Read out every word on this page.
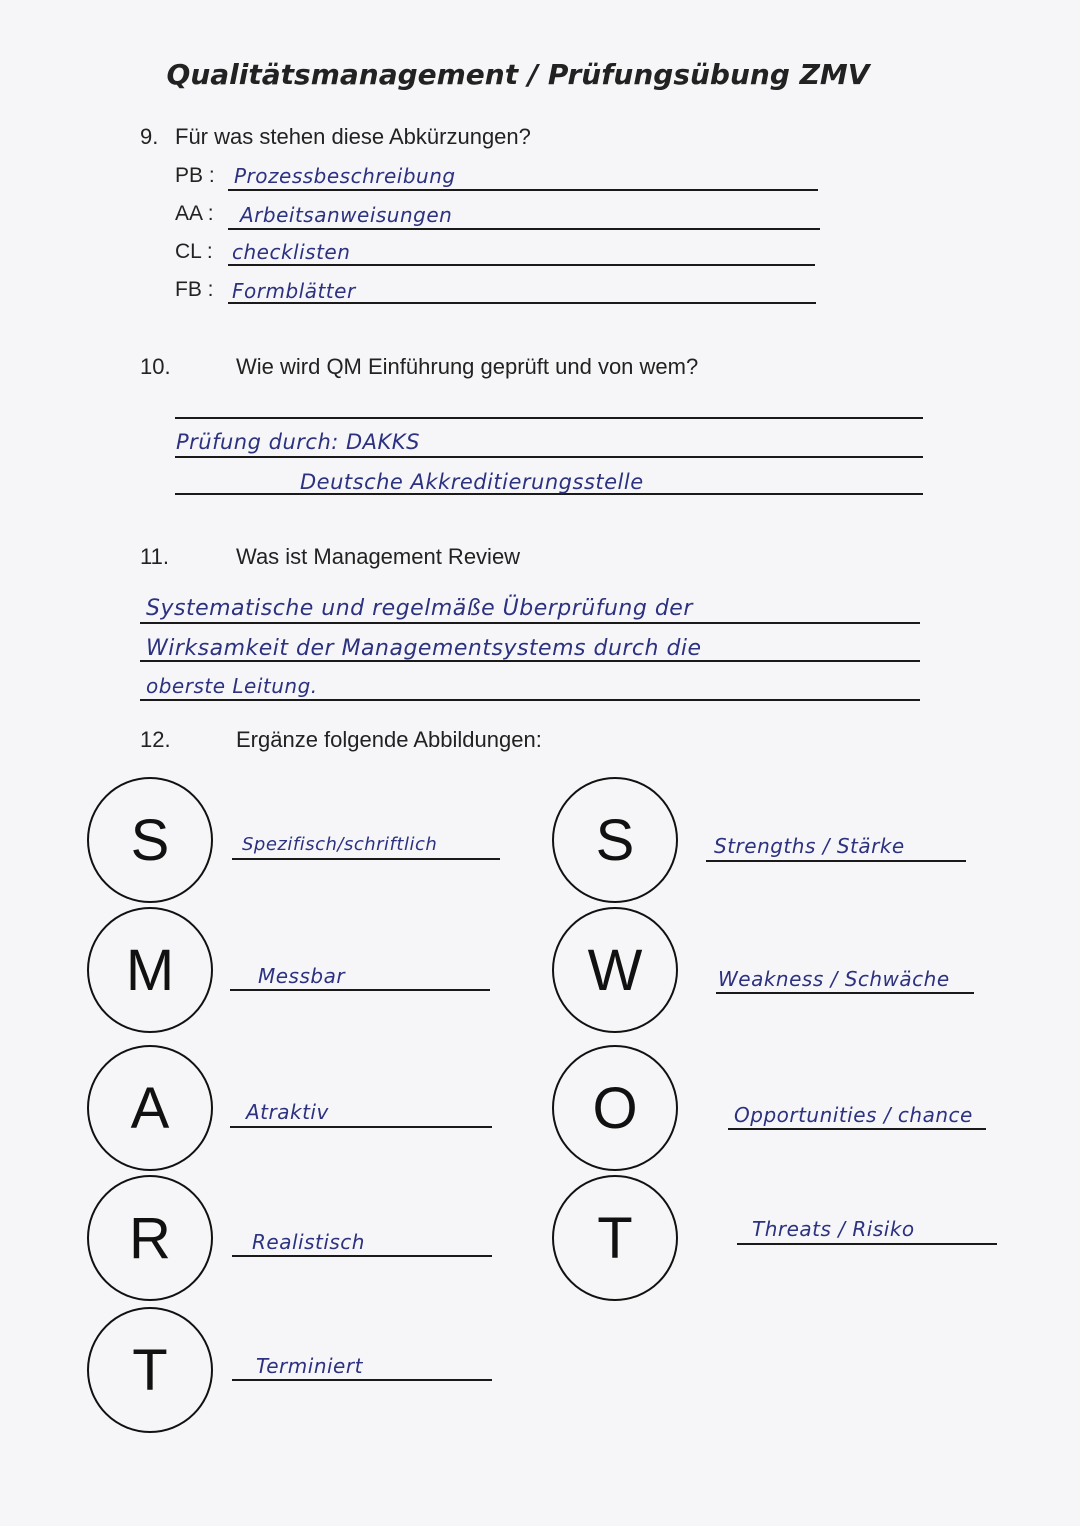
Qualitätsmanagement / Prüfungsübung ZMV
9. Für was stehen diese Abkürzungen?
PB : Prozessbeschreibung
AA : Arbeitsanweisungen
CL : checklisten
FB : Formblätter
10.	Wie wird QM Einführung geprüft und von wem?
Prüfung durch: DAKKS
Deutsche Akkreditierungsstelle
11.	Was ist Management Review
Systematische und regelmäße Überprüfung der
Wirksamkeit der Managementsystems durch die
oberste Leitung.
12.	Ergänze folgende Abbildungen:
S	Spezifisch/schriftlich
M	Messbar
A	Atraktiv
R	Realistisch
T	Terminiert
S	Strengths / Stärke
W	Weakness / Schwäche
O	Opportunities / chance
T	Threats / Risiko
